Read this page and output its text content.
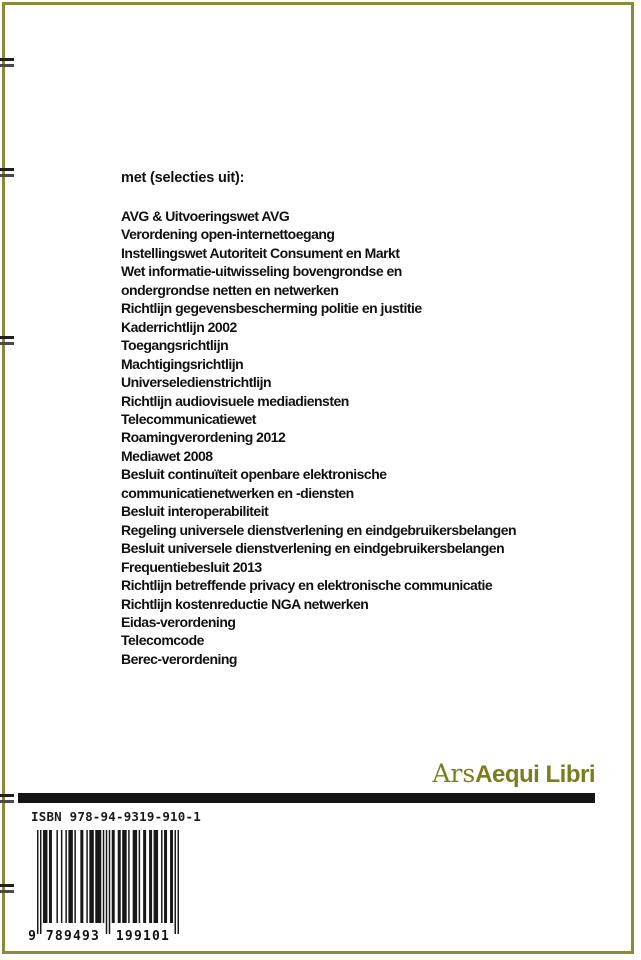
met (selecties uit):
AVG & Uitvoeringswet AVG
Verordening open-internettoegang
Instellingswet Autoriteit Consument en Markt
Wet informatie-uitwisseling bovengrondse en
ondergrondse netten en netwerken
Richtlijn gegevensbescherming politie en justitie
Kaderrichtlijn 2002
Toegangsrichtlijn
Machtigingsrichtlijn
Universeledienstrichtlijn
Richtlijn audiovisuele mediadiensten
Telecommunicatiewet
Roamingverordening 2012
Mediawet 2008
Besluit continuïteit openbare elektronische
communicatienetwerken en -diensten
Besluit interoperabiliteit
Regeling universele dienstverlening en eindgebruikersbelangen
Besluit universele dienstverlening en eindgebruikersbelangen
Frequentiebesluit 2013
Richtlijn betreffende privacy en elektronische communicatie
Richtlijn kostenreductie NGA netwerken
Eidas-verordening
Telecomcode
Berec-verordening
ArsAequi Libri
ISBN 978-94-9319-910-1
9 789493	199101
